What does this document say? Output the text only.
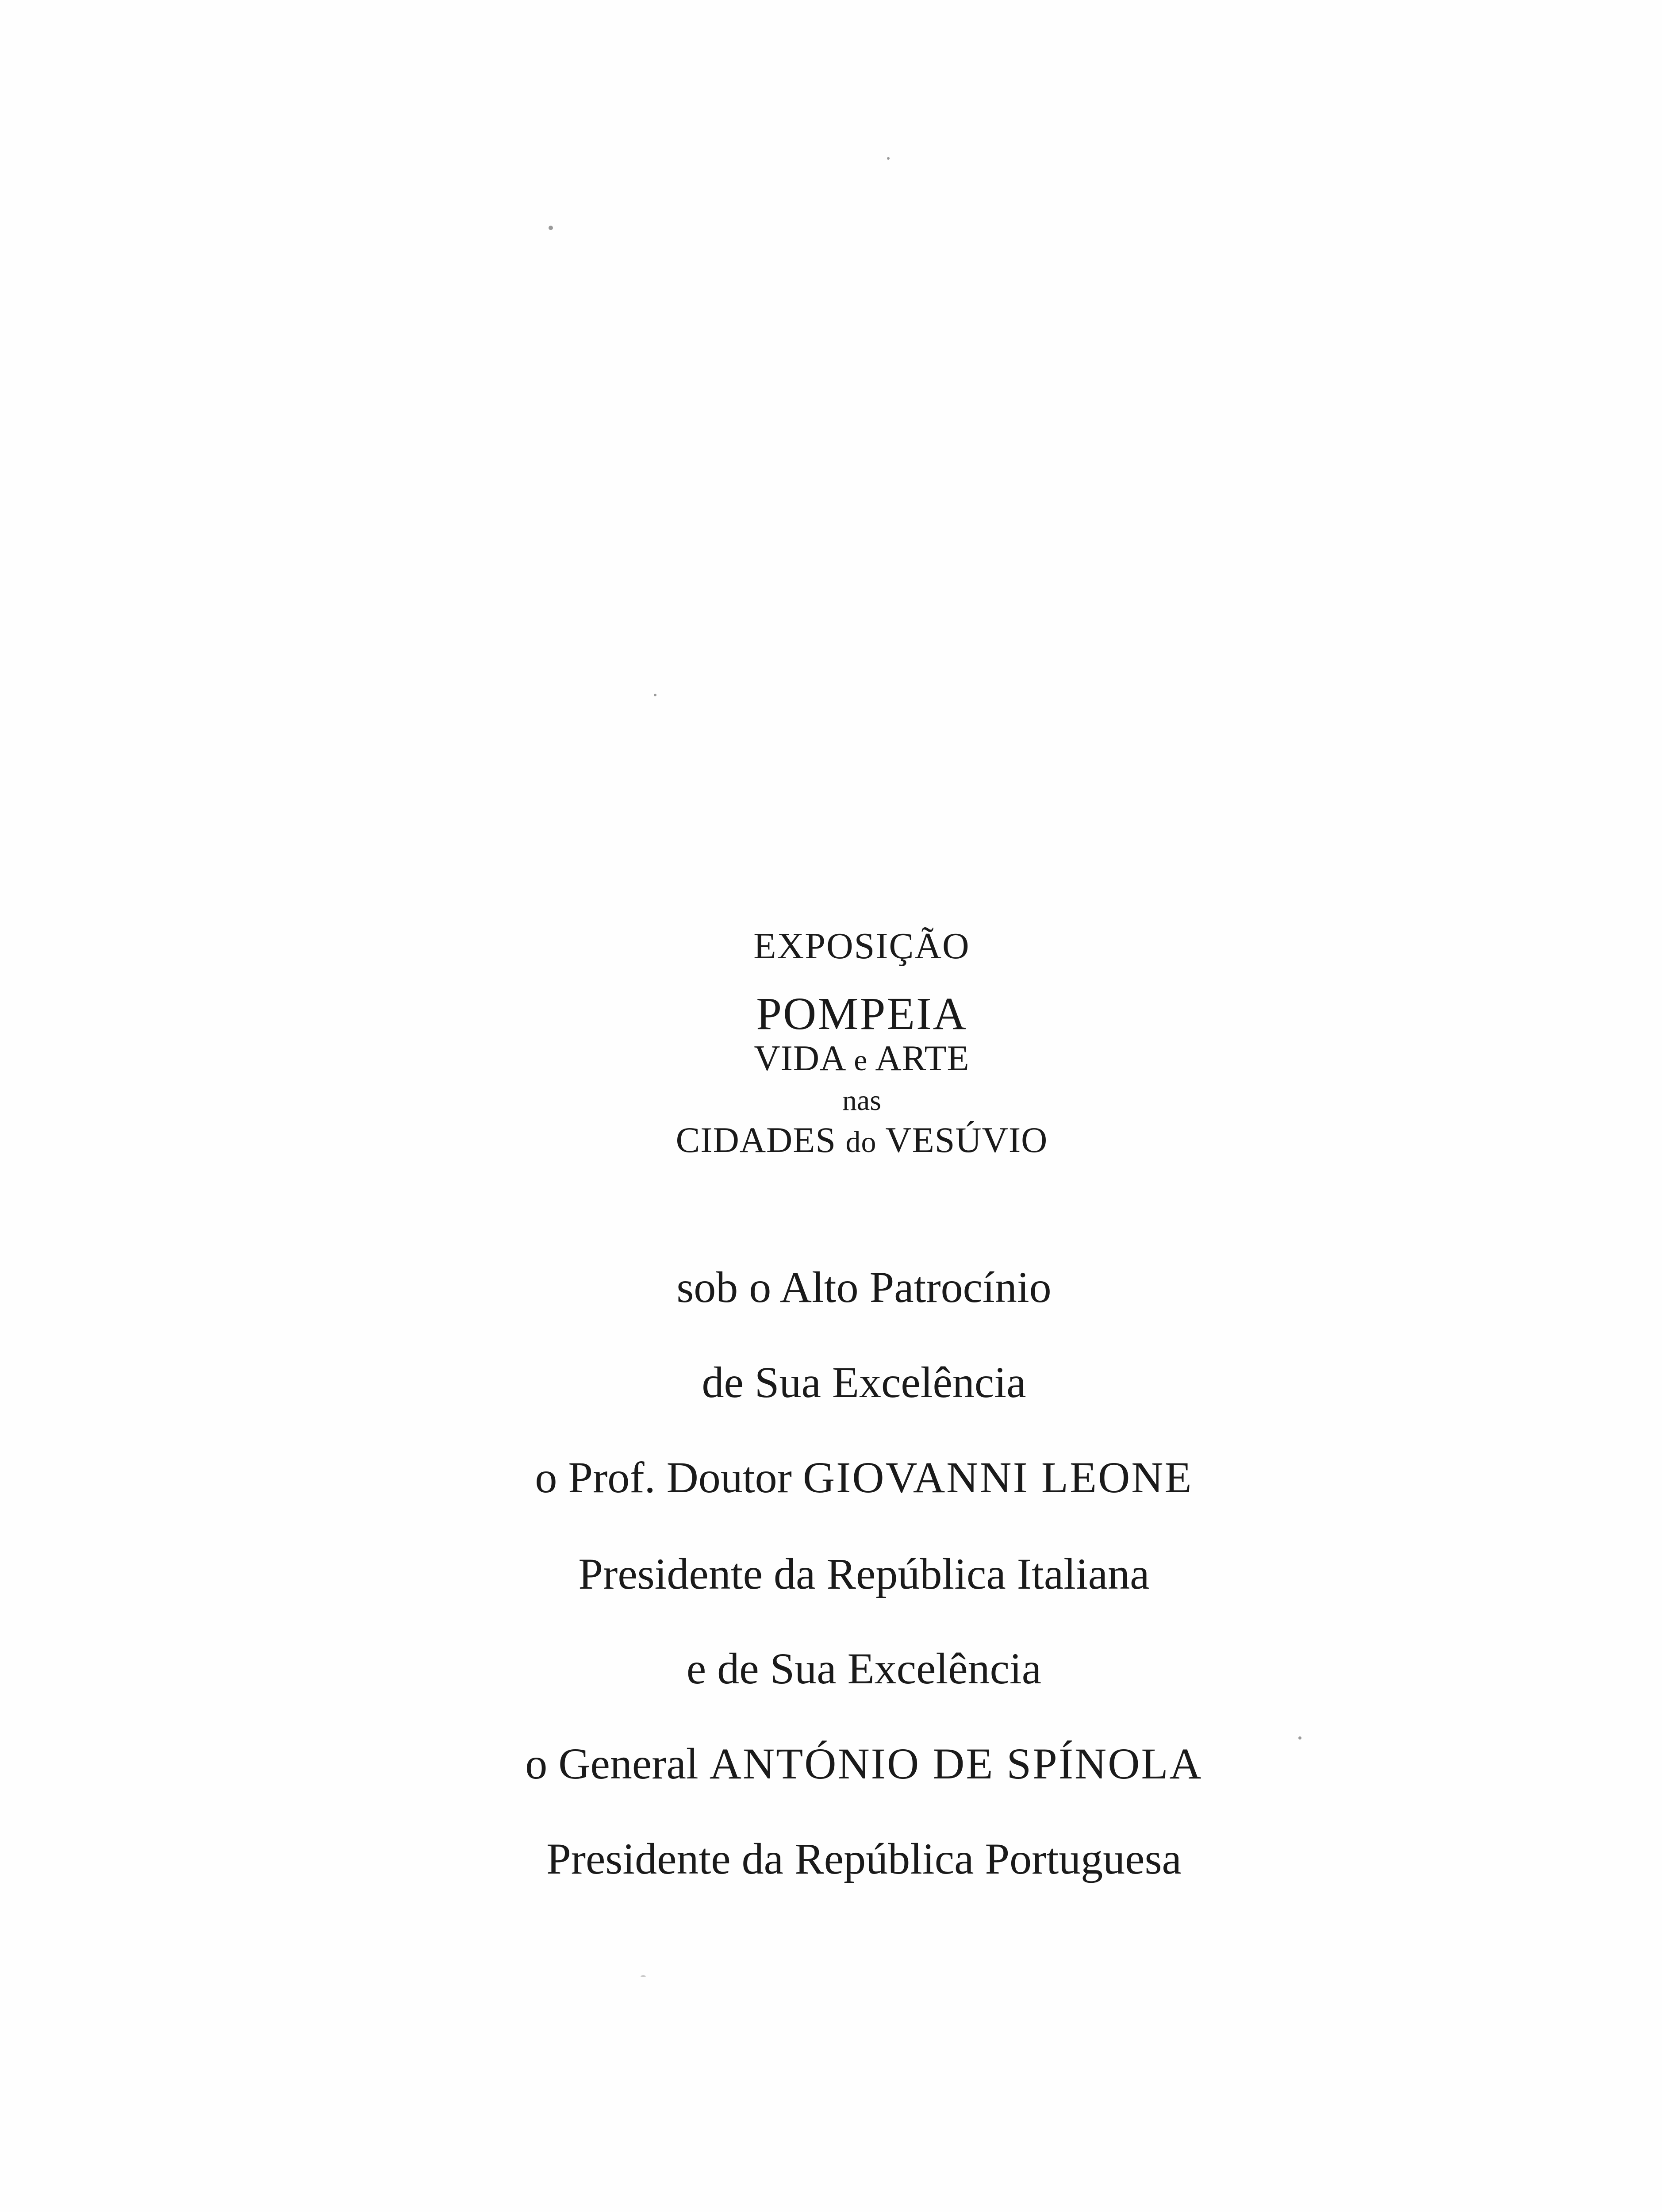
EXPOSIÇÃO
POMPEIA
VIDA e ARTE
nas
CIDADES do VESÚVIO
sob o Alto Patrocínio
de Sua Excelência
o Prof. Doutor GIOVANNI LEONE
Presidente da República Italiana
e de Sua Excelência
o General ANTÓNIO DE SPÍNOLA
Presidente da República Portuguesa
